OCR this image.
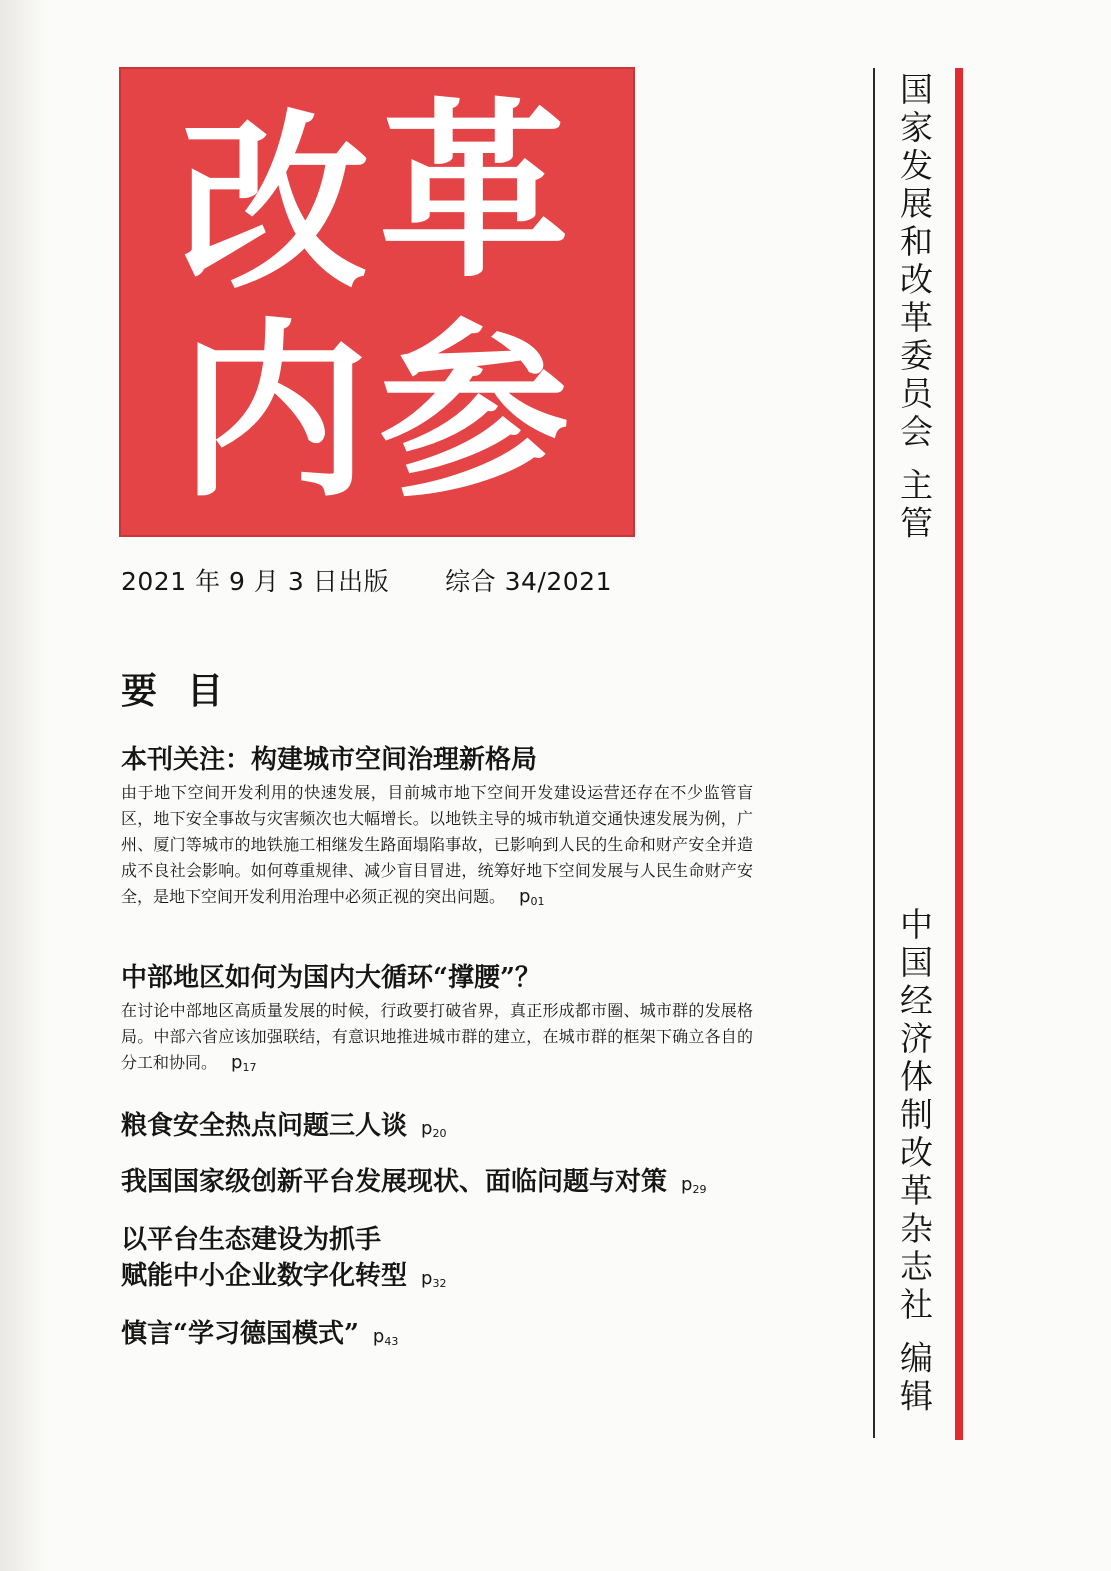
改 革
内 参
2021 年 9 月 3 日出版 综合 34/2021
要目
本刊关注：构建城市空间治理新格局
由于地下空间开发利用的快速发展，目前城市地下空间开发建设运营还存在不少监管盲区，地下安全事故与灾害频次也大幅增长。以地铁主导的城市轨道交通快速发展为例，广州、厦门等城市的地铁施工相继发生路面塌陷事故，已影响到人民的生命和财产安全并造成不良社会影响。如何尊重规律、减少盲目冒进，统筹好地下空间发展与人民生命财产安全，是地下空间开发利用治理中必须正视的突出问题。 $p_{01}$
中部地区如何为国内大循环“撑腰”？
在讨论中部地区高质量发展的时候，行政要打破省界，真正形成都市圈、城市群的发展格局。中部六省应该加强联结，有意识地推进城市群的建立，在城市群的框架下确立各自的分工和协同。 $p_{17}$
粮食安全热点问题三人谈 $p_{20}$
我国国家级创新平台发展现状、面临问题与对策 $p_{29}$
以平台生态建设为抓手
赋能中小企业数字化转型 $p_{32}$
慎言“学习德国模式” $p_{43}$
国家发展和改革委员会 主管
中国经济体制改革杂志社 编辑
